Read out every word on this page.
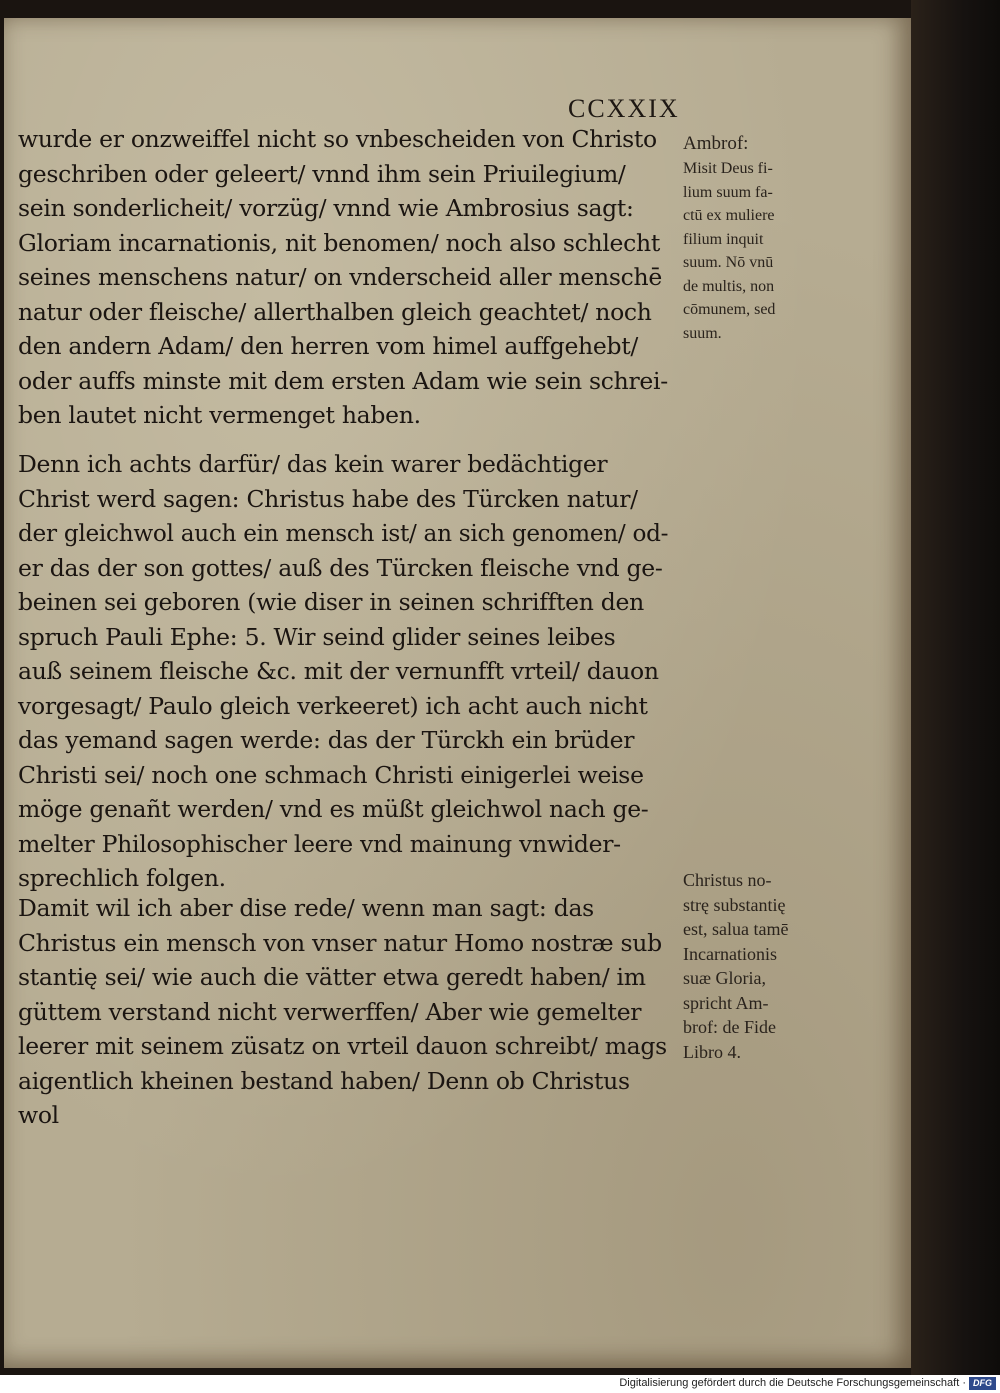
CCXXIX
wurde er onzweiffel nicht so vnbescheiden von Christo
geschriben oder geleert/ vnnd ihm sein Priuilegium/
sein sonderlicheit/ vorzüg/ vnnd wie Ambrosius sagt:
Gloriam incarnationis, nit benomen/ noch also schlecht
seines menschens natur/ on vnderscheid aller menschē
natur oder fleische/ allerthalben gleich geachtet/ noch
den andern Adam/ den herren vom himel auffgehebt/
oder auffs minste mit dem ersten Adam wie sein schrei-
ben lautet nicht vermenget haben.
Denn ich achts darfür/ das kein warer bedächtiger
Christ werd sagen: Christus habe des Türcken natur/
der gleichwol auch ein mensch ist/ an sich genomen/ od-
er das der son gottes/ auß des Türcken fleische vnd ge-
beinen sei geboren (wie diser in seinen schrifften den
spruch Pauli Ephe: 5. Wir seind glider seines leibes
auß seinem fleische &c. mit der vernunfft vrteil/ dauon
vorgesagt/ Paulo gleich verkeeret) ich acht auch nicht
das yemand sagen werde: das der Türckh ein brüder
Christi sei/ noch one schmach Christi einigerlei weise
möge genañt werden/ vnd es müßt gleichwol nach ge-
melter Philosophischer leere vnd mainung vnwider-
sprechlich folgen.
Damit wil ich aber dise rede/ wenn man sagt: das
Christus ein mensch von vnser natur Homo nostræ sub
stantię sei/ wie auch die vätter etwa geredt haben/ im
güttem verstand nicht verwerffen/ Aber wie gemelter
leerer mit seinem züsatz on vrteil dauon schreibt/ mags
aigentlich kheinen bestand haben/ Denn ob Christus
wol
Ambrof:
Misit Deus fi-
lium suum fa-
ctū ex muliere
filium inquit
suum. Nō vnū
de multis, non
cōmunem, sed
suum.
Christus no-
strę substantię
est, salua tamē
Incarnationis
suæ Gloria,
spricht Am-
brof: de Fide
Libro 4.
Digitalisierung gefördert durch die Deutsche Forschungsgemeinschaft · DFG
